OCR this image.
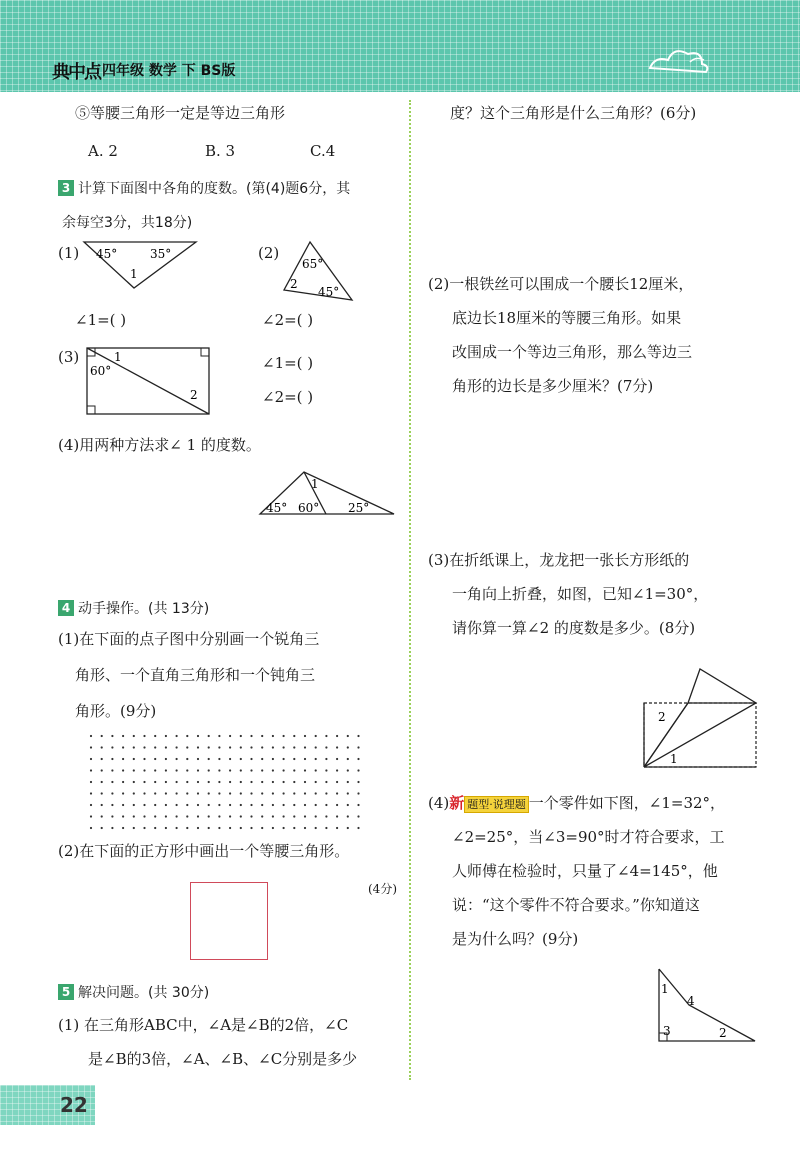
典中点 四年级 数学 下 BS版
⑤等腰三角形一定是等边三角形
A. 2	B. 3	C.4
3 计算下面图中各角的度数。(第(4)题6分，其
余每空3分，共18分)
(1) 45°	35°
1
(2)
65°
2
45°
∠1=( )	∠2=( )
(3)	1
60°
2
∠1=( )
∠2=( )
(4)用两种方法求∠ 1 的度数。
1
45° 60° 25°
4 动手操作。(共 13分)
(1)在下面的点子图中分别画一个锐角三
角形、一个直角三角形和一个钝角三
角形。(9分)
(2)在下面的正方形中画出一个等腰三角形。
(4分)
5 解决问题。(共 30分)
(1) 在三角形ABC中，∠A是∠B的2倍，∠C
是∠B的3倍，∠A、∠B、∠C分别是多少
度？这个三角形是什么三角形？(6分)
(2)一根铁丝可以围成一个腰长12厘米，
底边长18厘米的等腰三角形。如果
改围成一个等边三角形，那么等边三
角形的边长是多少厘米？(7分)
(3)在折纸课上，龙龙把一张长方形纸的
一角向上折叠，如图，已知∠1=30°，
请你算一算∠2 的度数是多少。(8分)
2
1
(4)新 题型·说理题 一个零件如下图，∠1=32°，
∠2=25°，当∠3=90°时才符合要求，工
人师傅在检验时，只量了∠4=145°，他
说：“这个零件不符合要求。”你知道这
是为什么吗？(9分)
1
4
3	2
22
